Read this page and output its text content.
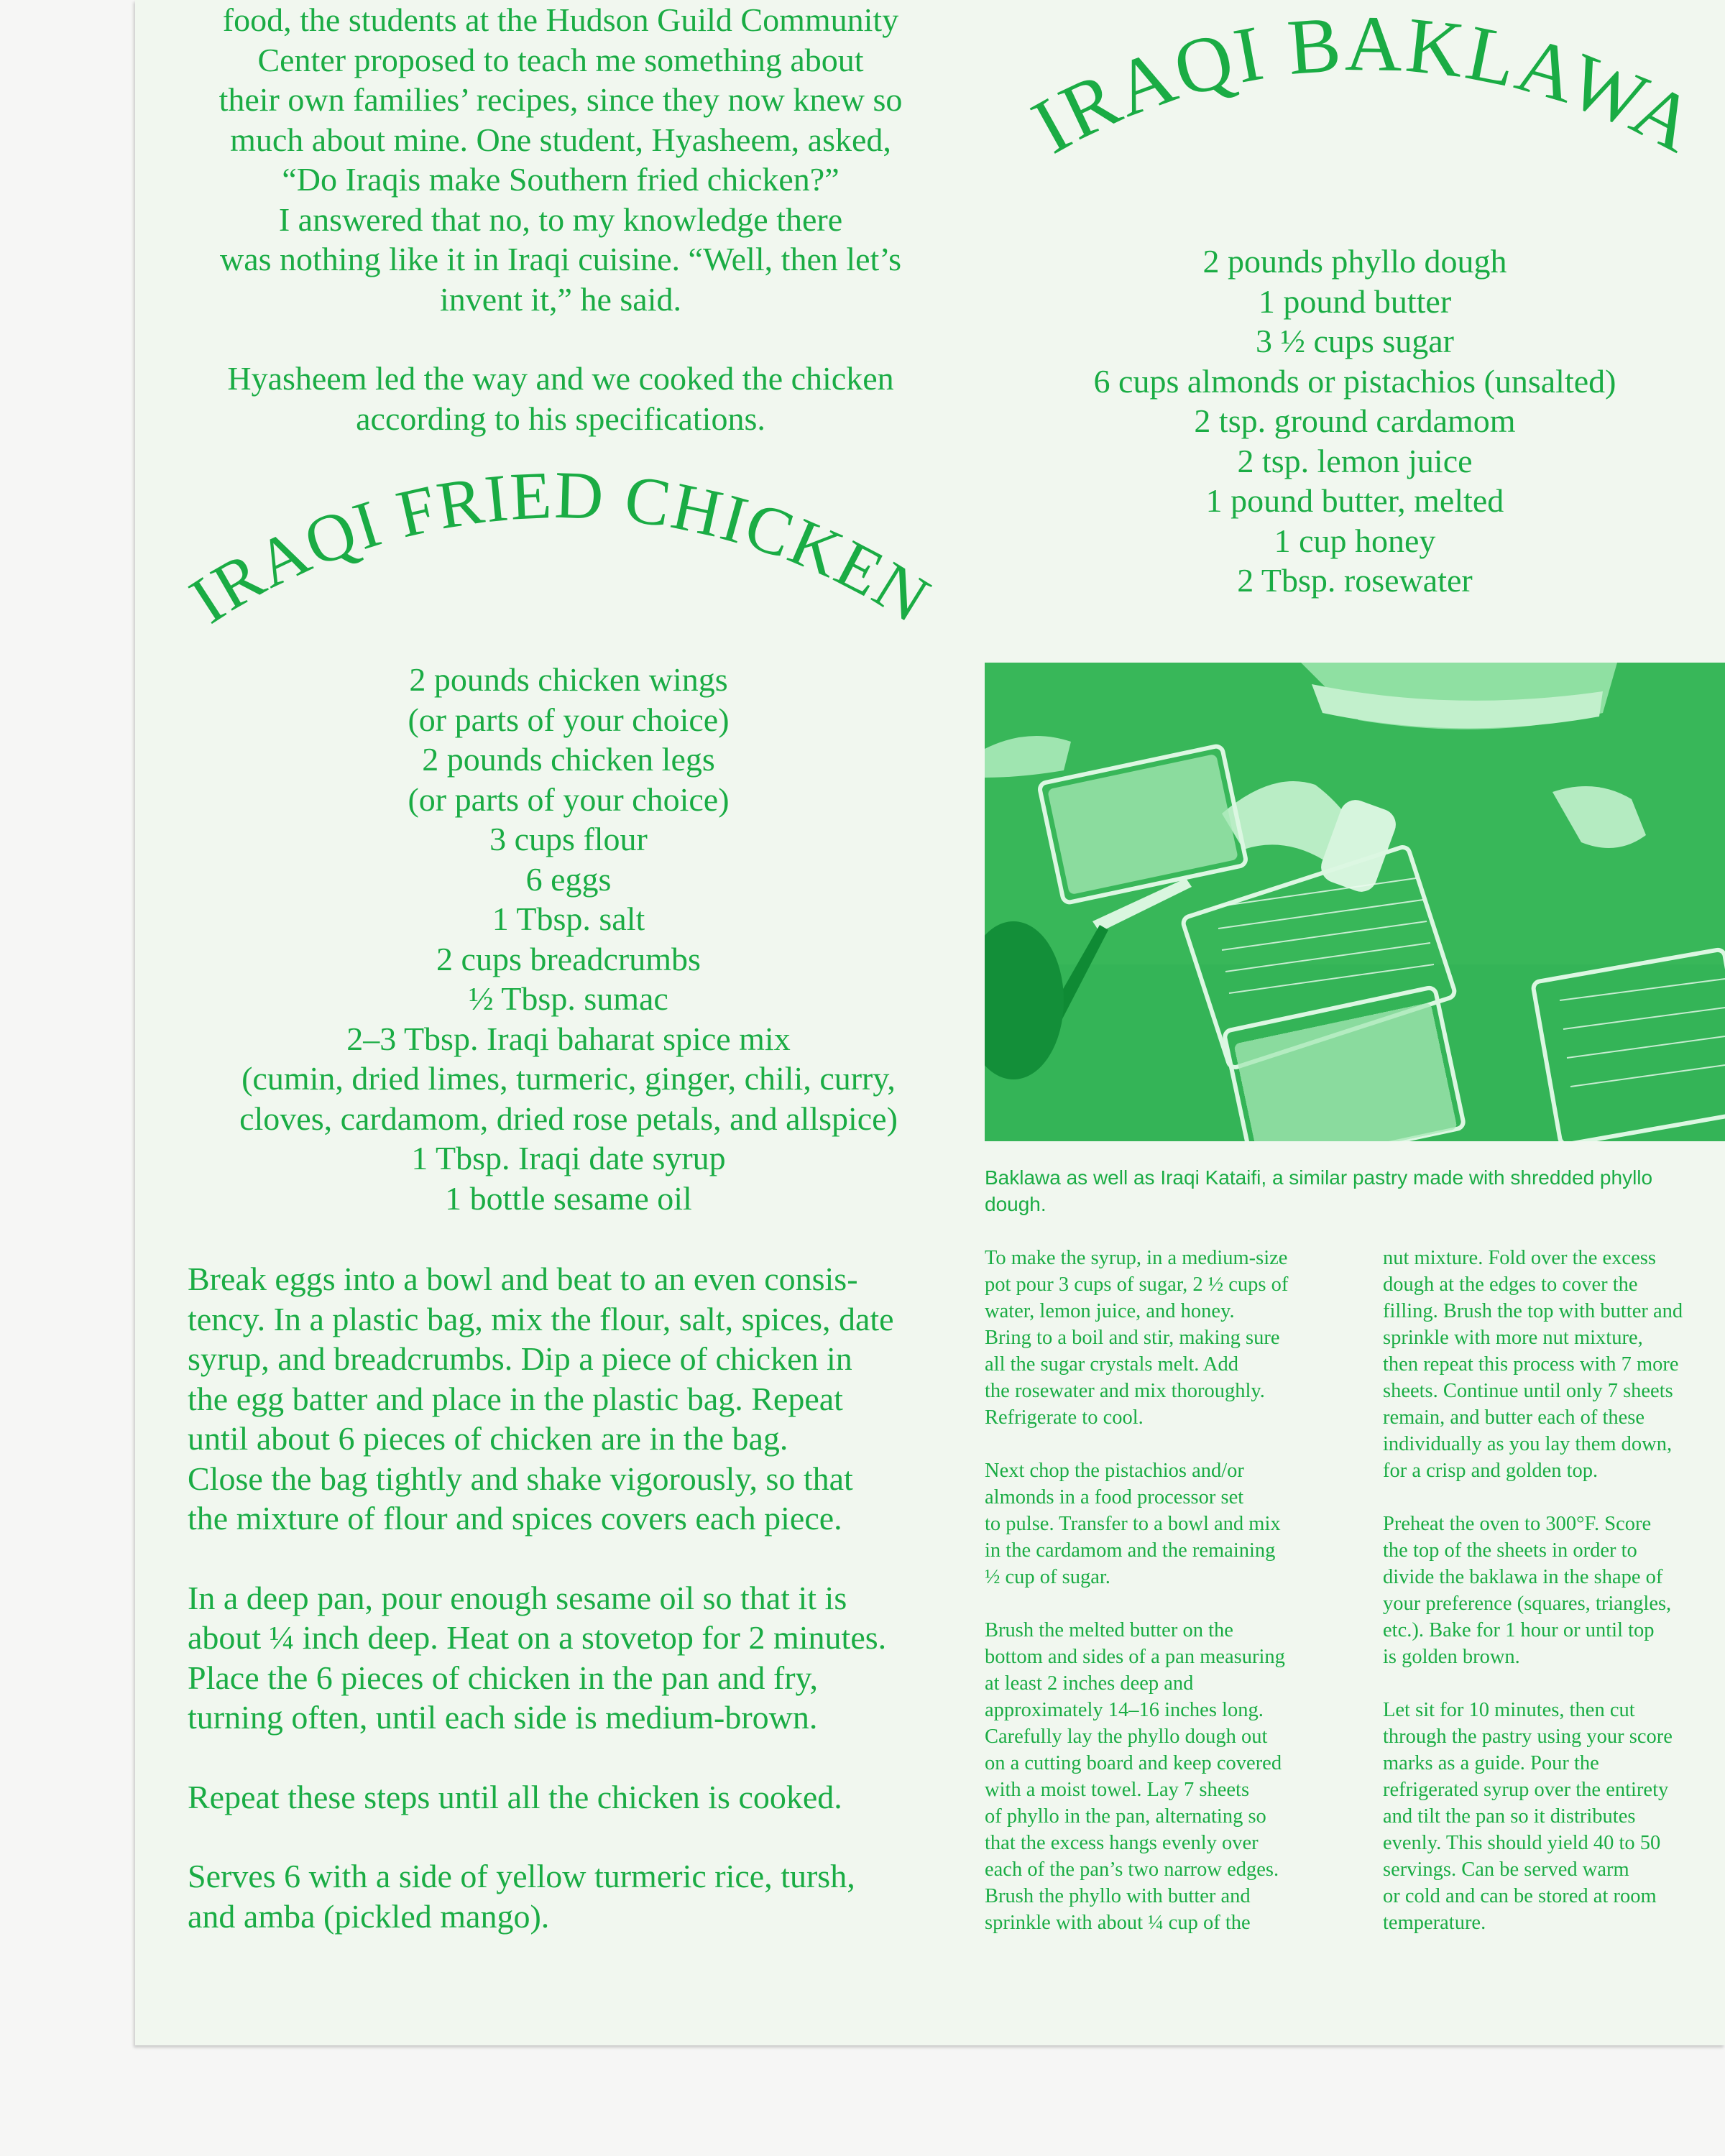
food, the students at the Hudson Guild Community
Center proposed to teach me something about
their own families’ recipes, since they now knew so
much about mine. One student, Hyasheem, asked,
“Do Iraqis make Southern fried chicken?”
I answered that no, to my knowledge there
was nothing like it in Iraqi cuisine. “Well, then let’s
invent it,” he said.
Hyasheem led the way and we cooked the chicken
according to his specifications.
IRAQI FRIED CHICKEN
2 pounds chicken wings
(or parts of your choice)
2 pounds chicken legs
(or parts of your choice)
3 cups flour
6 eggs
1 Tbsp. salt
2 cups breadcrumbs
½ Tbsp. sumac
2–3 Tbsp. Iraqi baharat spice mix
(cumin, dried limes, turmeric, ginger, chili, curry,
cloves, cardamom, dried rose petals, and allspice)
1 Tbsp. Iraqi date syrup
1 bottle sesame oil

Break eggs into a bowl and beat to an even consis-
tency. In a plastic bag, mix the flour, salt, spices, date
syrup, and breadcrumbs. Dip a piece of chicken in
the egg batter and place in the plastic bag. Repeat
until about 6 pieces of chicken are in the bag.
Close the bag tightly and shake vigorously, so that
the mixture of flour and spices covers each piece.

In a deep pan, pour enough sesame oil so that it is
about ¼ inch deep. Heat on a stovetop for 2 minutes.
Place the 6 pieces of chicken in the pan and fry,
turning often, until each side is medium-brown.

Repeat these steps until all the chicken is cooked.

Serves 6 with a side of yellow turmeric rice, tursh,
and amba (pickled mango).

IRAQI BAKLAWA
2 pounds phyllo dough
1 pound butter
3 ½ cups sugar
6 cups almonds or pistachios (unsalted)
2 tsp. ground cardamom
2 tsp. lemon juice
1 pound butter, melted
1 cup honey
2 Tbsp. rosewater
Baklawa as well as Iraqi Kataifi, a similar pastry made with shredded phyllo dough.

To make the syrup, in a medium-size
pot pour 3 cups of sugar, 2 ½ cups of
water, lemon juice, and honey.
Bring to a boil and stir, making sure
all the sugar crystals melt. Add
the rosewater and mix thoroughly.
Refrigerate to cool.

Next chop the pistachios and/or
almonds in a food processor set
to pulse. Transfer to a bowl and mix
in the cardamom and the remaining
½ cup of sugar.

Brush the melted butter on the
bottom and sides of a pan measuring
at least 2 inches deep and
approximately 14–16 inches long.
Carefully lay the phyllo dough out
on a cutting board and keep covered
with a moist towel. Lay 7 sheets
of phyllo in the pan, alternating so
that the excess hangs evenly over
each of the pan’s two narrow edges.
Brush the phyllo with butter and
sprinkle with about ¼ cup of the

nut mixture. Fold over the excess
dough at the edges to cover the
filling. Brush the top with butter and
sprinkle with more nut mixture,
then repeat this process with 7 more
sheets. Continue until only 7 sheets
remain, and butter each of these
individually as you lay them down,
for a crisp and golden top.

Preheat the oven to 300°F. Score
the top of the sheets in order to
divide the baklawa in the shape of
your preference (squares, triangles,
etc.). Bake for 1 hour or until top
is golden brown.

Let sit for 10 minutes, then cut
through the pastry using your score
marks as a guide. Pour the
refrigerated syrup over the entirety
and tilt the pan so it distributes
evenly. This should yield 40 to 50
servings. Can be served warm
or cold and can be stored at room
temperature.
